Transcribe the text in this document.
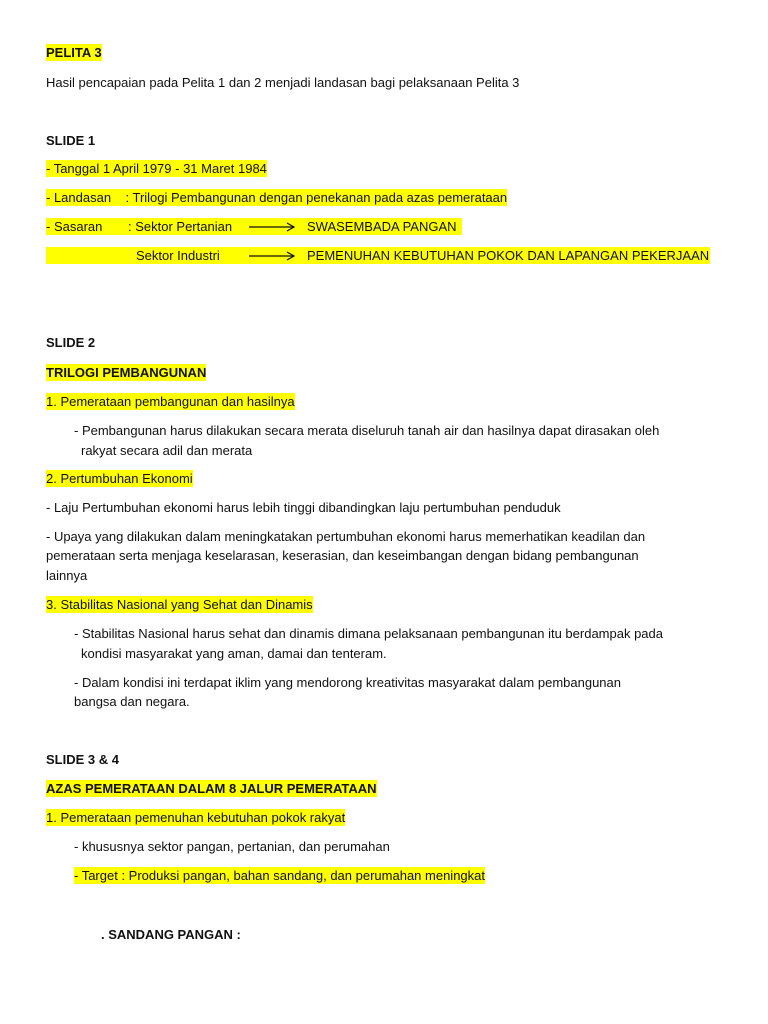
PELITA 3
Hasil pencapaian pada Pelita 1 dan 2 menjadi landasan bagi pelaksanaan Pelita 3
SLIDE 1
- Tanggal 1 April 1979 - 31 Maret 1984
- Landasan    : Trilogi Pembangunan dengan penekanan pada azas pemerataan
- Sasaran : Sektor Pertanian	SWASEMBADA PANGAN
Sektor Industri	PEMENUHAN KEBUTUHAN POKOK DAN LAPANGAN PEKERJAAN
SLIDE 2
TRILOGI PEMBANGUNAN
1. Pemerataan pembangunan dan hasilnya
- Pembangunan harus dilakukan secara merata diseluruh tanah air dan hasilnya dapat dirasakan oleh
rakyat secara adil dan merata
2. Pertumbuhan Ekonomi
- Laju Pertumbuhan ekonomi harus lebih tinggi dibandingkan laju pertumbuhan penduduk
- Upaya yang dilakukan dalam meningkatakan pertumbuhan ekonomi harus memerhatikan keadilan dan
pemerataan serta menjaga keselarasan, keserasian, dan keseimbangan dengan bidang pembangunan
lainnya
3. Stabilitas Nasional yang Sehat dan Dinamis
- Stabilitas Nasional harus sehat dan dinamis dimana pelaksanaan pembangunan itu berdampak pada
kondisi masyarakat yang aman, damai dan tenteram.
- Dalam kondisi ini terdapat iklim yang mendorong kreativitas masyarakat dalam pembangunan
bangsa dan negara.
SLIDE 3 & 4
AZAS PEMERATAAN DALAM 8 JALUR PEMERATAAN
1. Pemerataan pemenuhan kebutuhan pokok rakyat
- khususnya sektor pangan, pertanian, dan perumahan
- Target : Produksi pangan, bahan sandang, dan perumahan meningkat
. SANDANG PANGAN :
